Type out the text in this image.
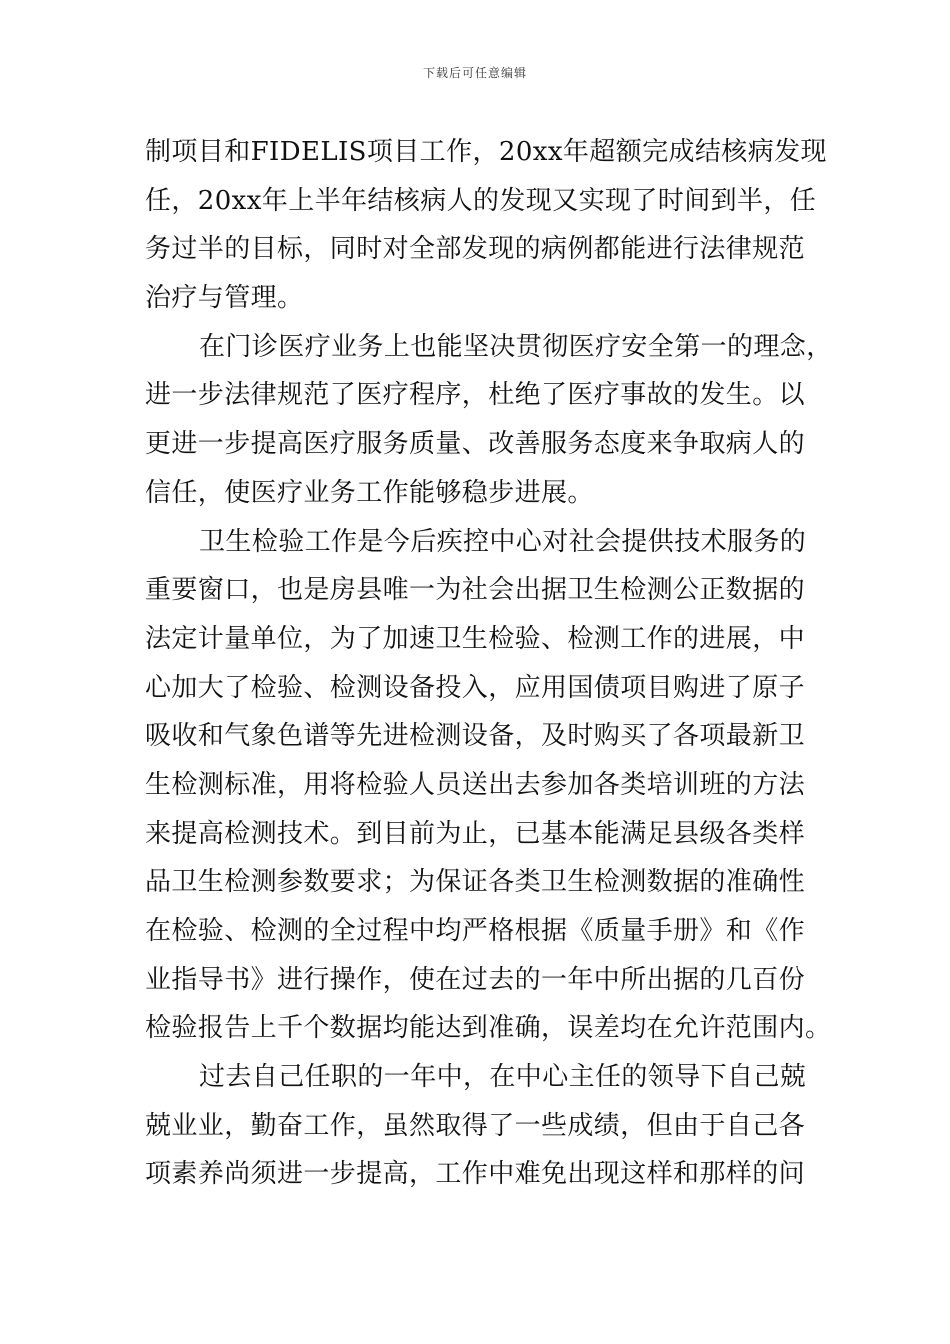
下载后可任意编辑
制项目和FIDELIS项目工作，20xx年超额完成结核病发现
任，20xx年上半年结核病人的发现又实现了时间到半，任
务过半的目标，同时对全部发现的病例都能进行法律规范
治疗与管理。
在门诊医疗业务上也能坚决贯彻医疗安全第一的理念，
进一步法律规范了医疗程序，杜绝了医疗事故的发生。以
更进一步提高医疗服务质量、改善服务态度来争取病人的
信任，使医疗业务工作能够稳步进展。
卫生检验工作是今后疾控中心对社会提供技术服务的
重要窗口，也是房县唯一为社会出据卫生检测公正数据的
法定计量单位，为了加速卫生检验、检测工作的进展，中
心加大了检验、检测设备投入，应用国债项目购进了原子
吸收和气象色谱等先进检测设备，及时购买了各项最新卫
生检测标准，用将检验人员送出去参加各类培训班的方法
来提高检测技术。到目前为止，已基本能满足县级各类样
品卫生检测参数要求；为保证各类卫生检测数据的准确性
在检验、检测的全过程中均严格根据《质量手册》和《作
业指导书》进行操作，使在过去的一年中所出据的几百份
检验报告上千个数据均能达到准确，误差均在允许范围内。
过去自己任职的一年中，在中心主任的领导下自己兢
兢业业，勤奋工作，虽然取得了一些成绩，但由于自己各
项素养尚须进一步提高，工作中难免出现这样和那样的问
